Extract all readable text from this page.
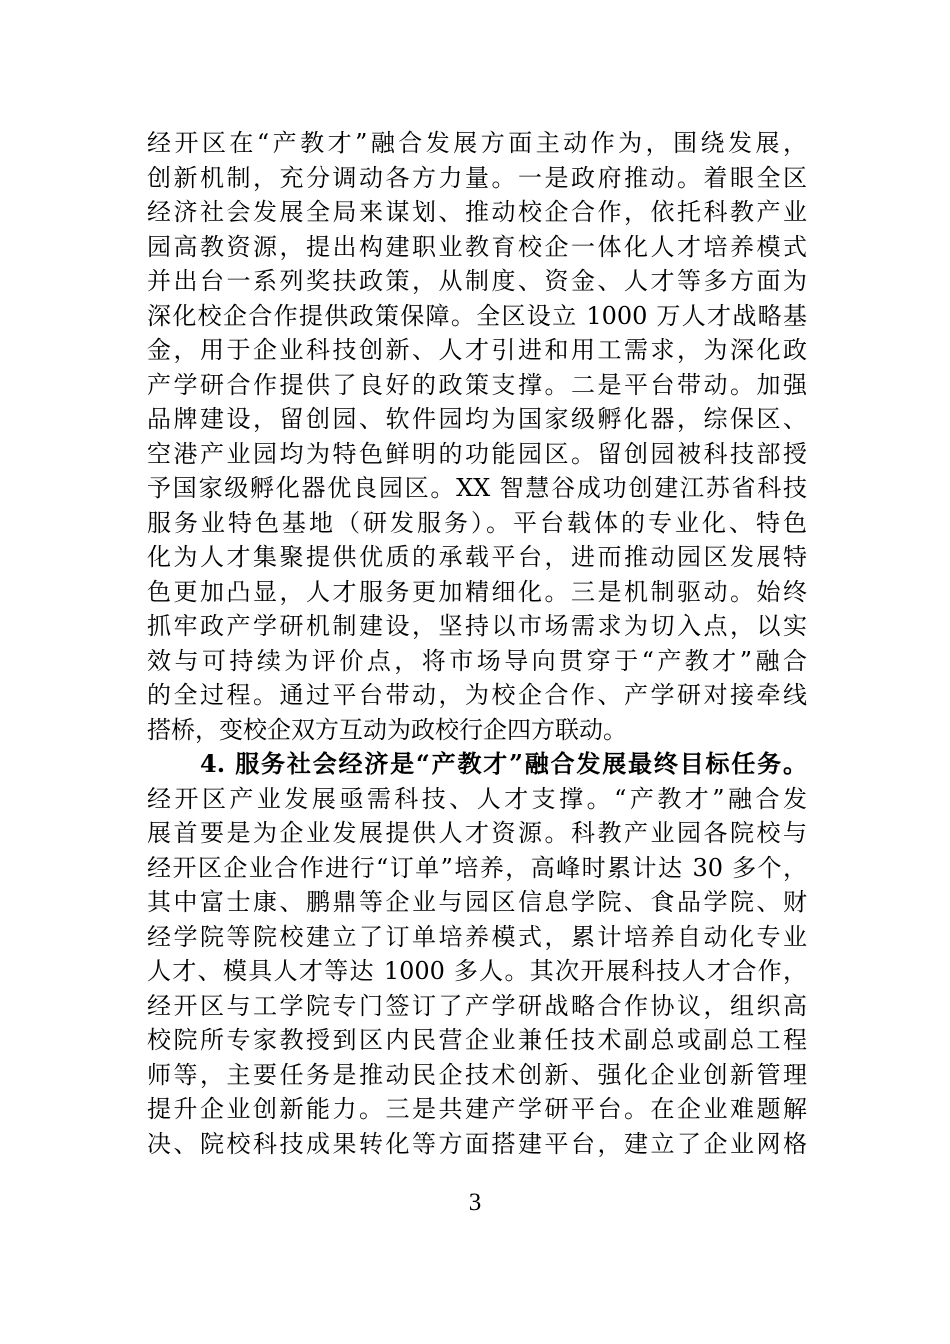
经开区在“产教才”融合发展方面主动作为，围绕发展，
创新机制，充分调动各方力量。一是政府推动。着眼全区
经济社会发展全局来谋划、推动校企合作，依托科教产业
园高教资源，提出构建职业教育校企一体化人才培养模式
并出台一系列奖扶政策，从制度、资金、人才等多方面为
深化校企合作提供政策保障。全区设立 1000 万人才战略基
金，用于企业科技创新、人才引进和用工需求，为深化政
产学研合作提供了良好的政策支撑。二是平台带动。加强
品牌建设，留创园、软件园均为国家级孵化器，综保区、
空港产业园均为特色鲜明的功能园区。留创园被科技部授
予国家级孵化器优良园区。XX 智慧谷成功创建江苏省科技
服务业特色基地（研发服务）。平台载体的专业化、特色
化为人才集聚提供优质的承载平台，进而推动园区发展特
色更加凸显，人才服务更加精细化。三是机制驱动。始终
抓牢政产学研机制建设，坚持以市场需求为切入点，以实
效与可持续为评价点，将市场导向贯穿于“产教才”融合
的全过程。通过平台带动，为校企合作、产学研对接牵线
搭桥，变校企双方互动为政校行企四方联动。
4. 服务社会经济是“产教才”融合发展最终目标任务。
经开区产业发展亟需科技、人才支撑。“产教才”融合发
展首要是为企业发展提供人才资源。科教产业园各院校与
经开区企业合作进行“订单”培养，高峰时累计达 30 多个，
其中富士康、鹏鼎等企业与园区信息学院、食品学院、财
经学院等院校建立了订单培养模式，累计培养自动化专业
人才、模具人才等达 1000 多人。其次开展科技人才合作，
经开区与工学院专门签订了产学研战略合作协议，组织高
校院所专家教授到区内民营企业兼任技术副总或副总工程
师等，主要任务是推动民企技术创新、强化企业创新管理
提升企业创新能力。三是共建产学研平台。在企业难题解
决、院校科技成果转化等方面搭建平台，建立了企业网格
3
